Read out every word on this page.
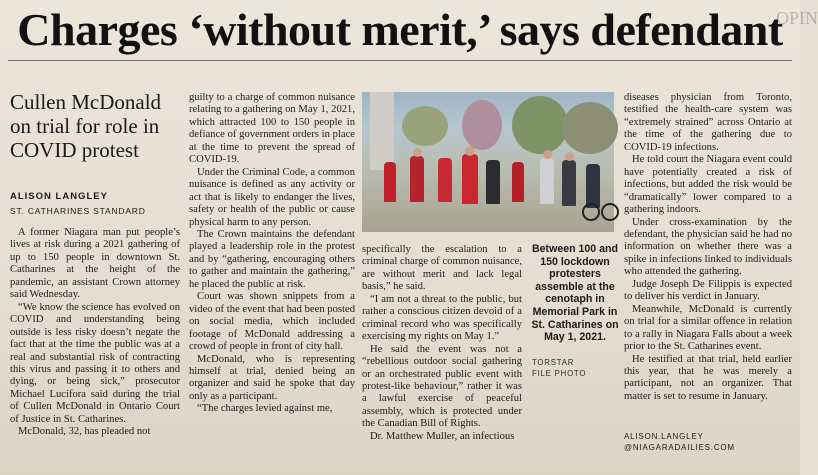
OPIN
Charges ‘without merit,’ says defendant
Cullen McDonald on trial for role in COVID protest
ALISON LANGLEY
ST. CATHARINES STANDARD

A former Niagara man put people’s lives at risk during a 2021 gathering of up to 150 people in downtown St. Catharines at the height of the pandemic, an assistant Crown attorney said Wednesday.

“We know the science has evolved on COVID and understanding being outside is less risky doesn’t negate the fact that at the time the public was at a real and substantial risk of contracting this virus and passing it to others and dying, or being sick,” prosecutor Michael Lucifora said during the trial of Cullen McDonald in Ontario Court of Justice in St. Catharines.

McDonald, 32, has pleaded not

guilty to a charge of common nuisance relating to a gathering on May 1, 2021, which attracted 100 to 150 people in defiance of government orders in place at the time to prevent the spread of COVID-19.

Under the Criminal Code, a common nuisance is defined as any activity or act that is likely to endanger the lives, safety or health of the public or cause physical harm to any person.

The Crown maintains the defendant played a leadership role in the protest and by “gathering, encouraging others to gather and maintain the gathering,” he placed the public at risk.

Court was shown snippets from a video of the event that had been posted on social media, which included footage of McDonald addressing a crowd of people in front of city hall.

McDonald, who is representing himself at trial, denied being an organizer and said he spoke that day only as a participant.

“The charges levied against me,

specifically the escalation to a criminal charge of common nuisance, are without merit and lack legal basis,” he said.

“I am not a threat to the public, but rather a conscious citizen devoid of a criminal record who was specifically exercising my rights on May 1.”

He said the event was not a “rebellious outdoor social gathering or an orchestrated public event with protest-like behaviour,” rather it was a lawful exercise of peaceful assembly, which is protected under the Canadian Bill of Rights.

Dr. Matthew Muller, an infectious

Between 100 and 150 lockdown protesters assemble at the cenotaph in Memorial Park in St. Catharines on May 1, 2021.
TORSTAR
FILE PHOTO

diseases physician from Toronto, testified the health-care system was “extremely strained” across Ontario at the time of the gathering due to COVID-19 infections.

He told court the Niagara event could have potentially created a risk of infections, but added the risk would be “dramatically” lower compared to a gathering indoors.

Under cross-examination by the defendant, the physician said he had no information on whether there was a spike in infections linked to individuals who attended the gathering.

Judge Joseph De Filippis is expected to deliver his verdict in January.

Meanwhile, McDonald is currently on trial for a similar offence in relation to a rally in Niagara Falls about a week prior to the St. Catharines event.

He testified at that trial, held earlier this year, that he was merely a participant, not an organizer. That matter is set to resume in January.

ALISON.LANGLEY
@NIAGARADAILIES.COM
